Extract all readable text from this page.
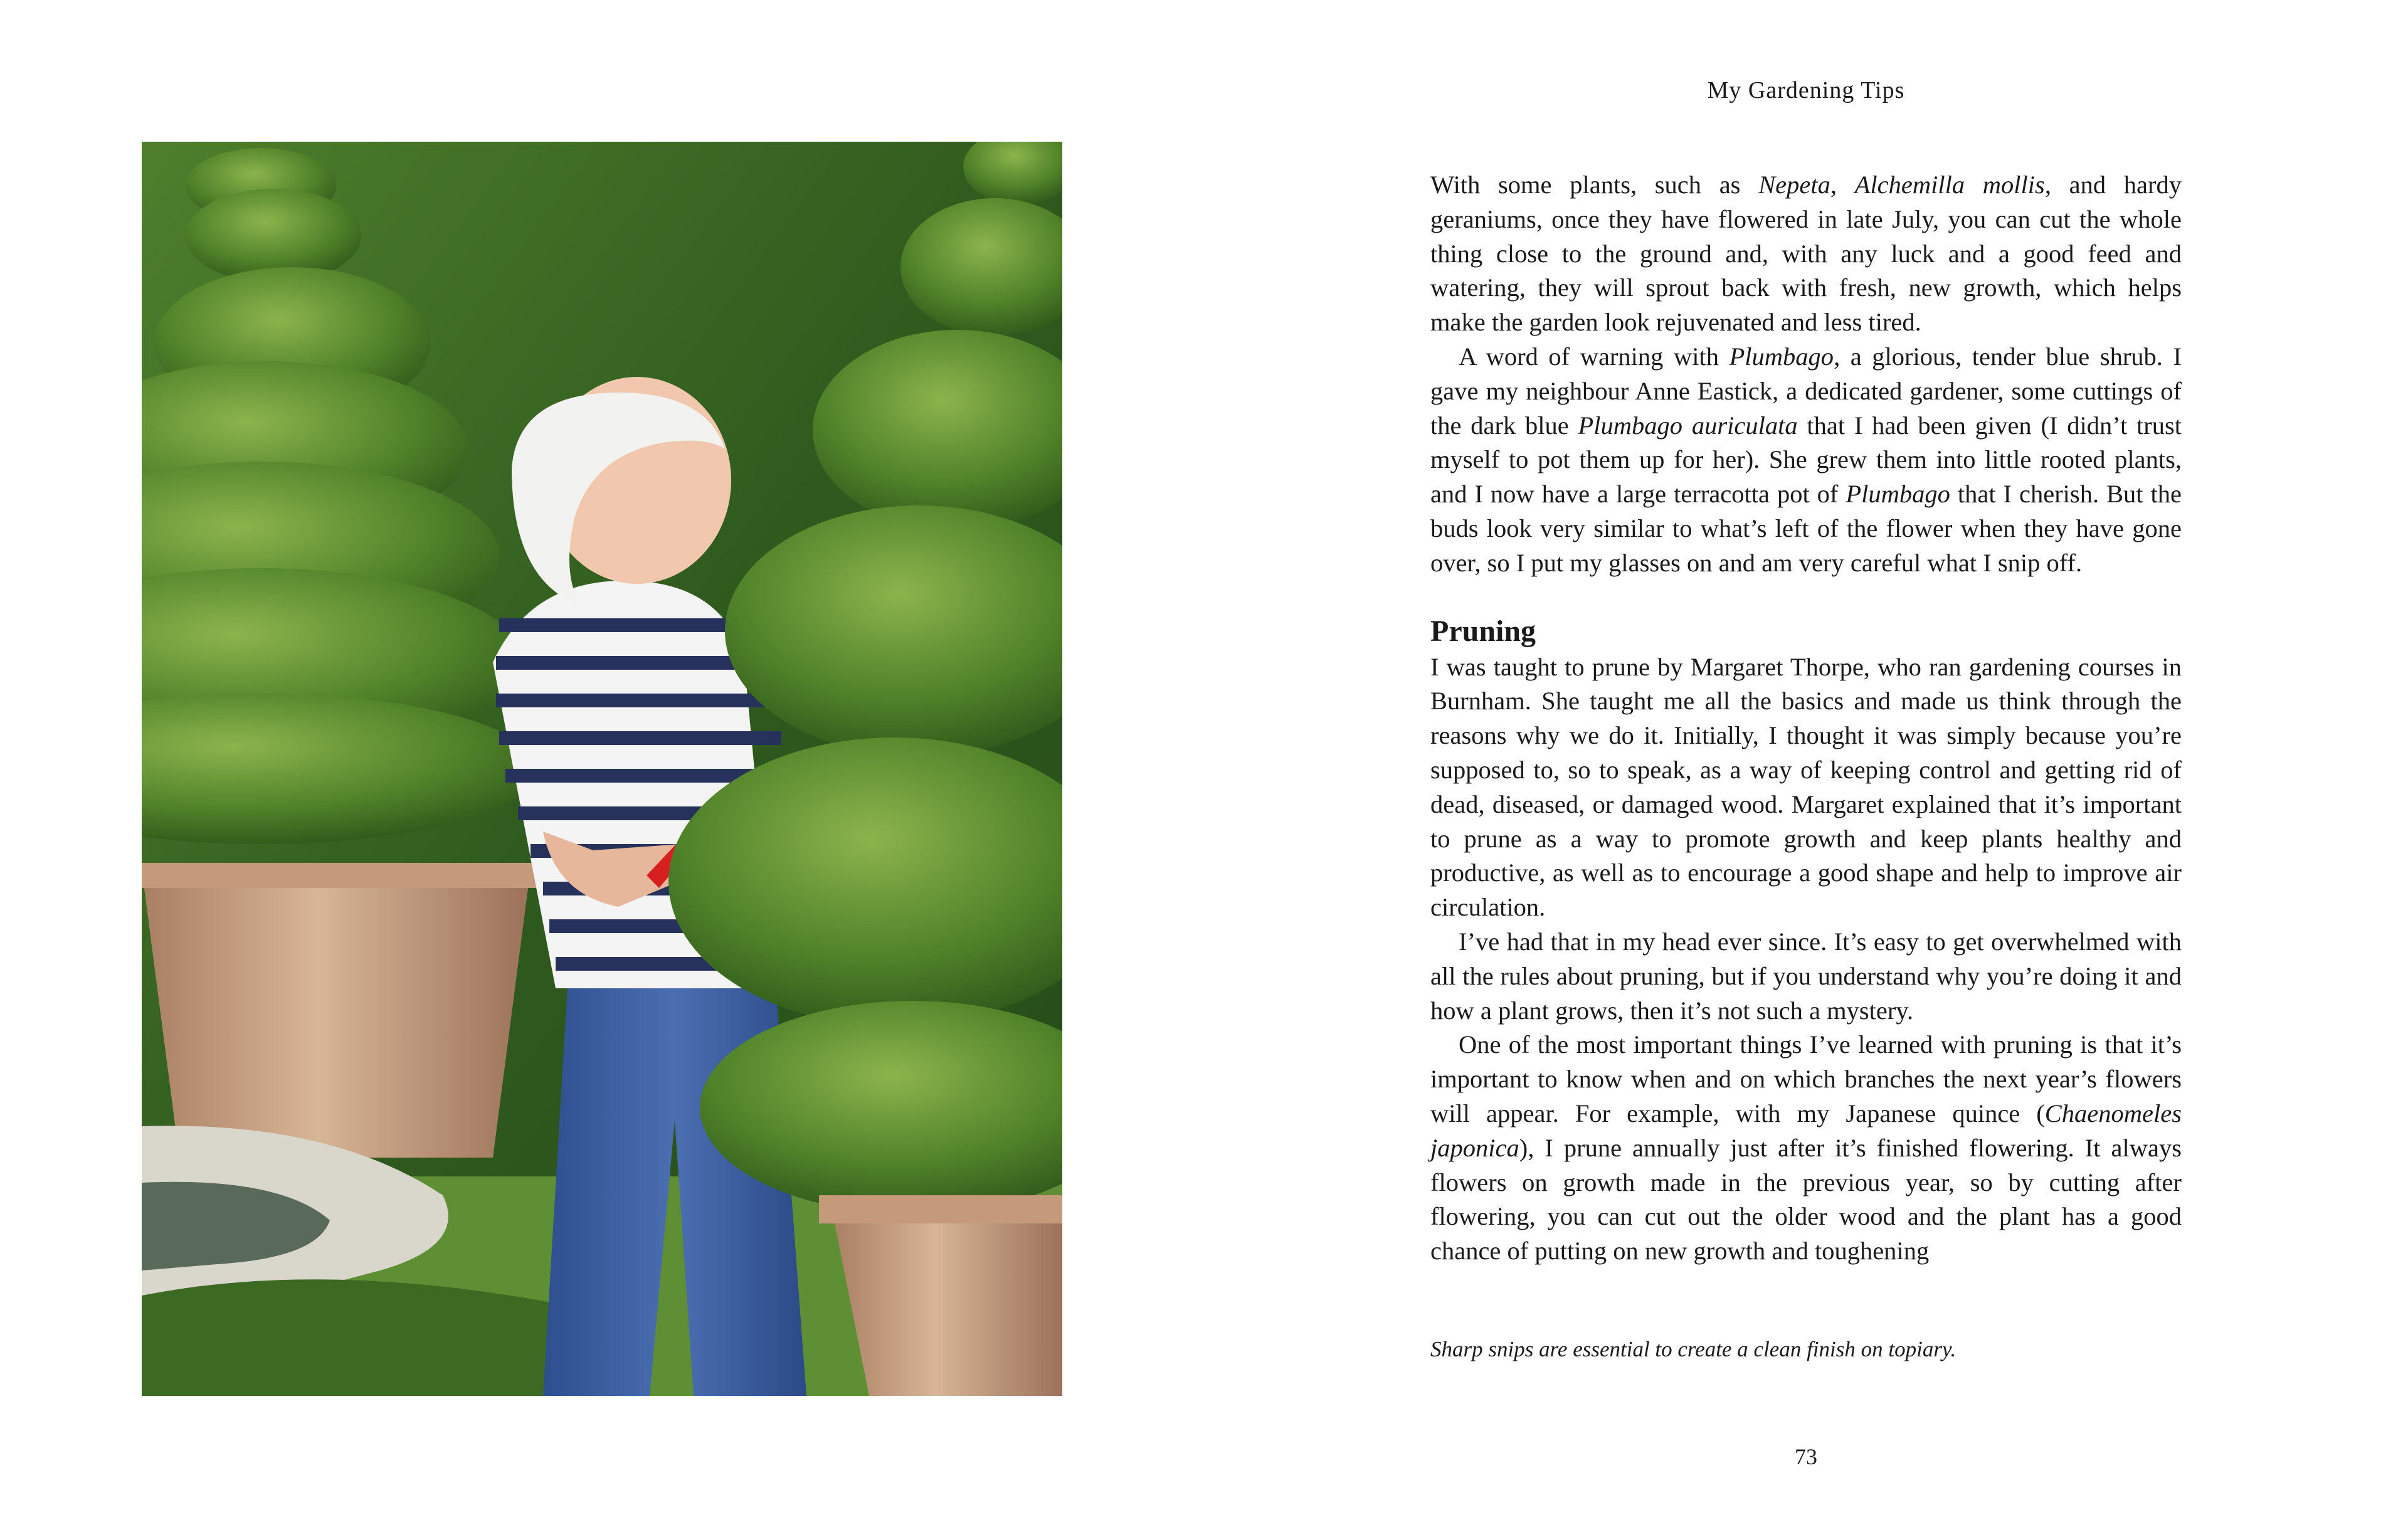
My Gardening Tips

With some plants, such as Nepeta, Alchemilla mollis, and hardy geraniums, once they have flowered in late July, you can cut the whole thing close to the ground and, with any luck and a good feed and watering, they will sprout back with fresh, new growth, which helps make the garden look rejuvenated and less tired.

A word of warning with Plumbago, a glorious, tender blue shrub. I gave my neighbour Anne Eastick, a dedicated gardener, some cuttings of the dark blue Plumbago auriculata that I had been given (I didn’t trust myself to pot them up for her). She grew them into little rooted plants, and I now have a large terracotta pot of Plumbago that I cherish. But the buds look very similar to what’s left of the flower when they have gone over, so I put my glasses on and am very careful what I snip off.

Pruning

I was taught to prune by Margaret Thorpe, who ran gardening courses in Burnham. She taught me all the basics and made us think through the reasons why we do it. Initially, I thought it was simply because you’re supposed to, so to speak, as a way of keeping control and getting rid of dead, diseased, or damaged wood. Margaret explained that it’s important to prune as a way to promote growth and keep plants healthy and productive, as well as to encourage a good shape and help to improve air circulation.

I’ve had that in my head ever since. It’s easy to get overwhelmed with all the rules about pruning, but if you understand why you’re doing it and how a plant grows, then it’s not such a mystery.

One of the most important things I’ve learned with pruning is that it’s important to know when and on which branches the next year’s flowers will appear. For example, with my Japanese quince (Chaenomeles japonica), I prune annually just after it’s finished flowering. It always flowers on growth made in the previous year, so by cutting after flowering, you can cut out the older wood and the plant has a good chance of putting on new growth and toughening

Sharp snips are essential to create a clean finish on topiary.
73
